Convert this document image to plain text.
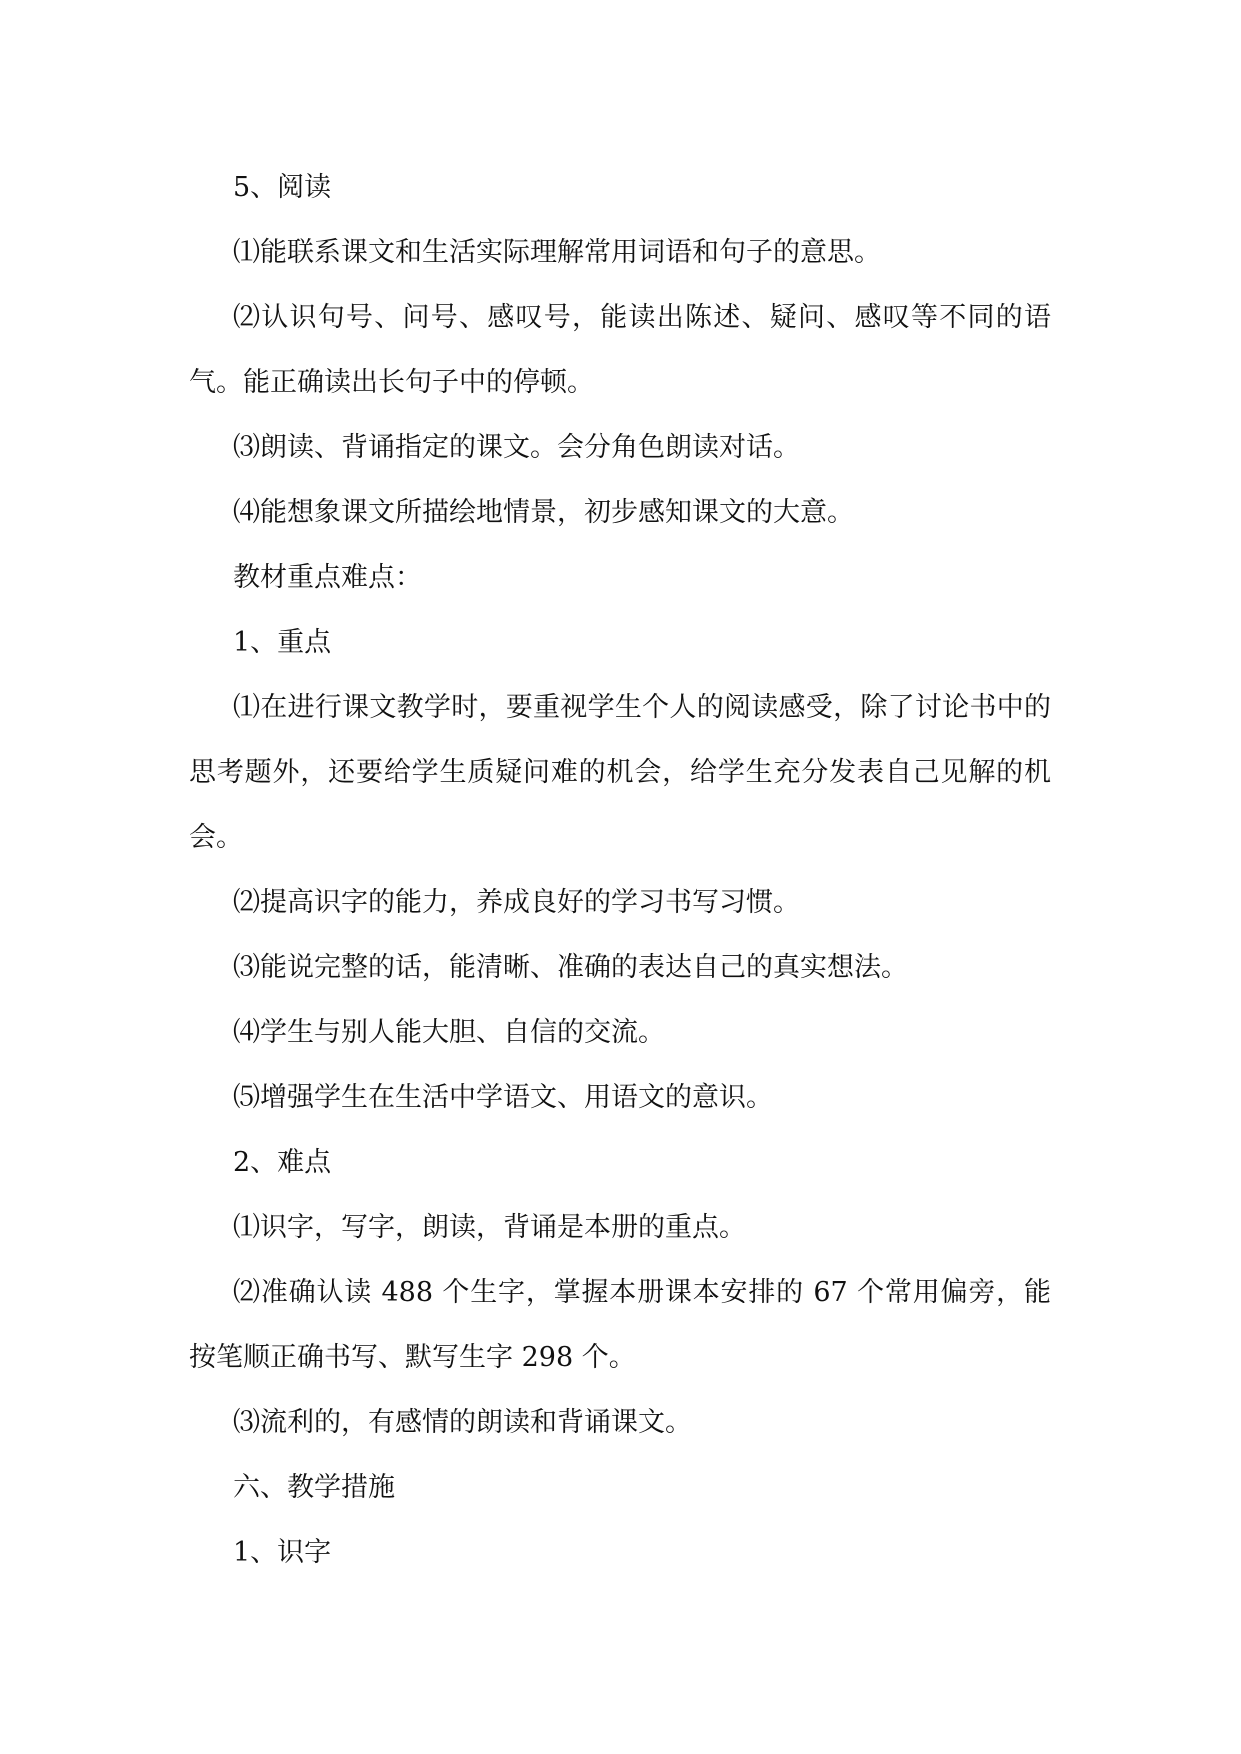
5、阅读

⑴能联系课文和生活实际理解常用词语和句子的意思。

⑵认识句号、问号、感叹号，能读出陈述、疑问、感叹等不同的语气。能正确读出长句子中的停顿。

⑶朗读、背诵指定的课文。会分角色朗读对话。

⑷能想象课文所描绘地情景，初步感知课文的大意。

教材重点难点：

1、重点

⑴在进行课文教学时，要重视学生个人的阅读感受，除了讨论书中的思考题外，还要给学生质疑问难的机会，给学生充分发表自己见解的机会。

⑵提高识字的能力，养成良好的学习书写习惯。

⑶能说完整的话，能清晰、准确的表达自己的真实想法。

⑷学生与别人能大胆、自信的交流。

⑸增强学生在生活中学语文、用语文的意识。

2、难点

⑴识字，写字，朗读，背诵是本册的重点。

⑵准确认读 488 个生字，掌握本册课本安排的 67 个常用偏旁，能按笔顺正确书写、默写生字 298 个。

⑶流利的，有感情的朗读和背诵课文。

六、教学措施

1、识字
